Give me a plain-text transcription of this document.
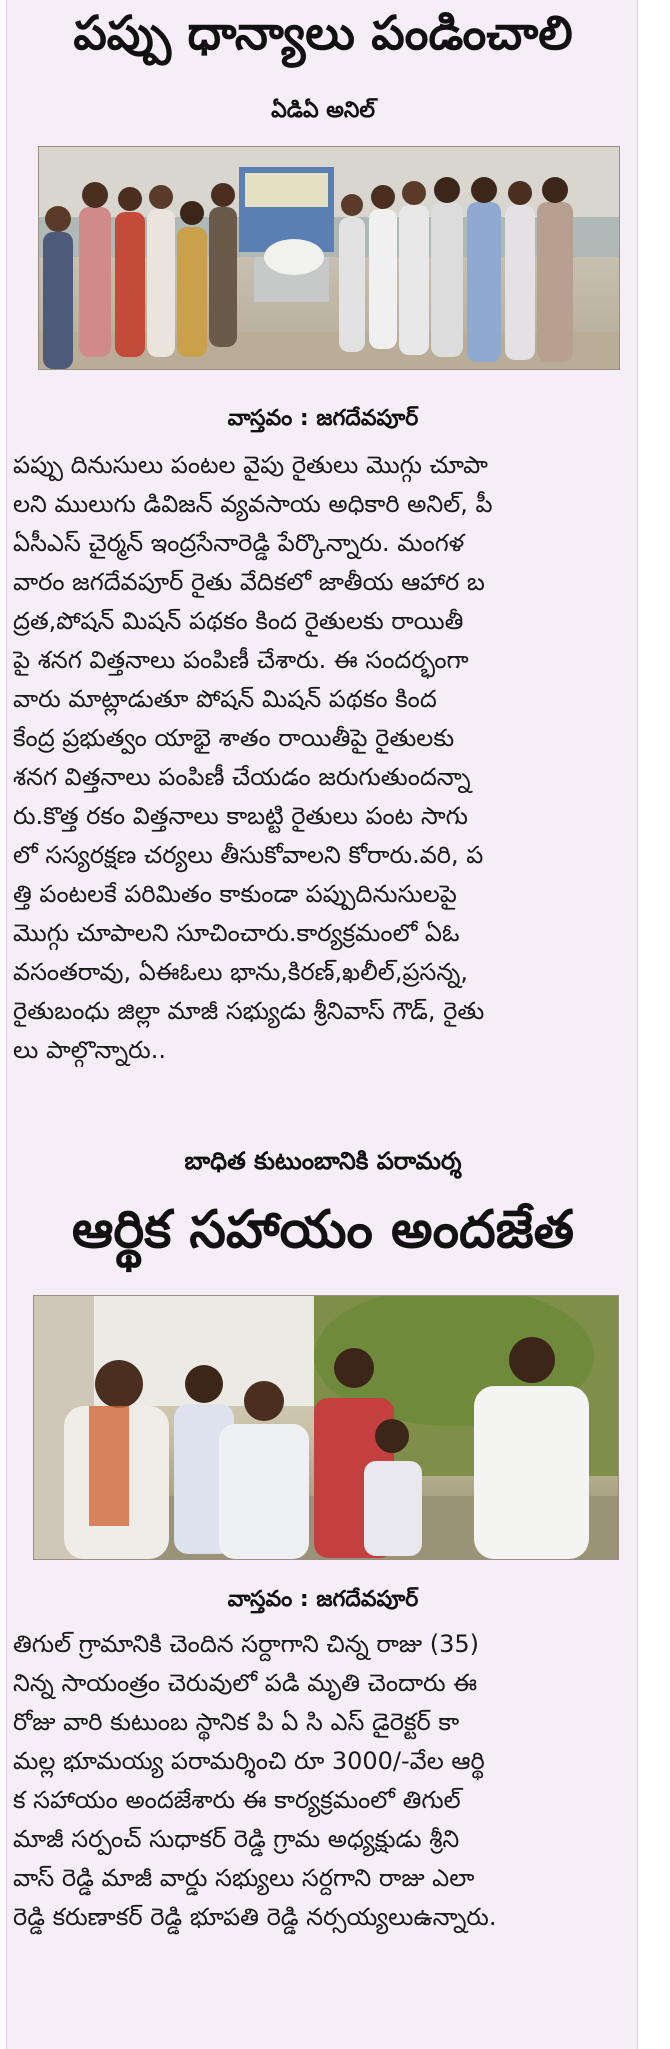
పప్పు ధాన్యాలు పండించాలి
ఏడిఏ అనిల్
వాస్తవం : జగదేవపూర్
పప్పు దినుసులు పంటల వైపు రైతులు మొగ్గు చూపా
లని ములుగు డివిజన్ వ్యవసాయ అధికారి అనిల్, పీ
ఏసీఎస్ చైర్మన్ ఇంద్రసేనారెడ్డి పేర్కొన్నారు. మంగళ
వారం జగదేవపూర్ రైతు వేదికలో జాతీయ ఆహార బ
ద్రత,పోషన్ మిషన్ పథకం కింద రైతులకు రాయితీ
పై శనగ విత్తనాలు పంపిణీ చేశారు. ఈ సందర్భంగా
వారు మాట్లాడుతూ పోషన్ మిషన్ పథకం కింద
కేంద్ర ప్రభుత్వం యాభై శాతం రాయితీపై రైతులకు
శనగ విత్తనాలు పంపిణీ చేయడం జరుగుతుందన్నా
రు.కొత్త రకం విత్తనాలు కాబట్టి రైతులు పంట సాగు
లో సస్యరక్షణ చర్యలు తీసుకోవాలని కోరారు.వరి, ప
త్తి పంటలకే పరిమితం కాకుండా పప్పుదినుసులపై
మొగ్గు చూపాలని సూచించారు.కార్యక్రమంలో ఏఓ
వసంతరావు, ఏఈఓలు భాను,కిరణ్,ఖలీల్,ప్రసన్న,
రైతుబంధు జిల్లా మాజీ సభ్యుడు శ్రీనివాస్ గౌడ్, రైతు
లు పాల్గొన్నారు..
బాధిత కుటుంబానికి పరామర్శ
ఆర్థిక సహాయం అందజేత
వాస్తవం : జగదేవపూర్
తిగుల్ గ్రామానికి చెందిన సర్దాగాని చిన్న రాజు (35)
నిన్న సాయంత్రం చెరువులో పడి మృతి చెందారు ఈ
రోజు వారి కుటుంబ స్థానిక పి ఏ సి ఎస్ డైరెక్టర్ కా
మల్ల భూమయ్య పరామర్శించి రూ 3000/-వేల ఆర్థి
క సహాయం అందజేశారు ఈ కార్యక్రమంలో తిగుల్
మాజీ సర్పంచ్ సుధాకర్ రెడ్డి గ్రామ అధ్యక్షుడు శ్రీని
వాస్ రెడ్డి మాజీ వార్డు సభ్యులు సర్దగాని రాజు ఎలా
రెడ్డి కరుణాకర్ రెడ్డి భూపతి రెడ్డి నర్సయ్యలుఉన్నారు.
